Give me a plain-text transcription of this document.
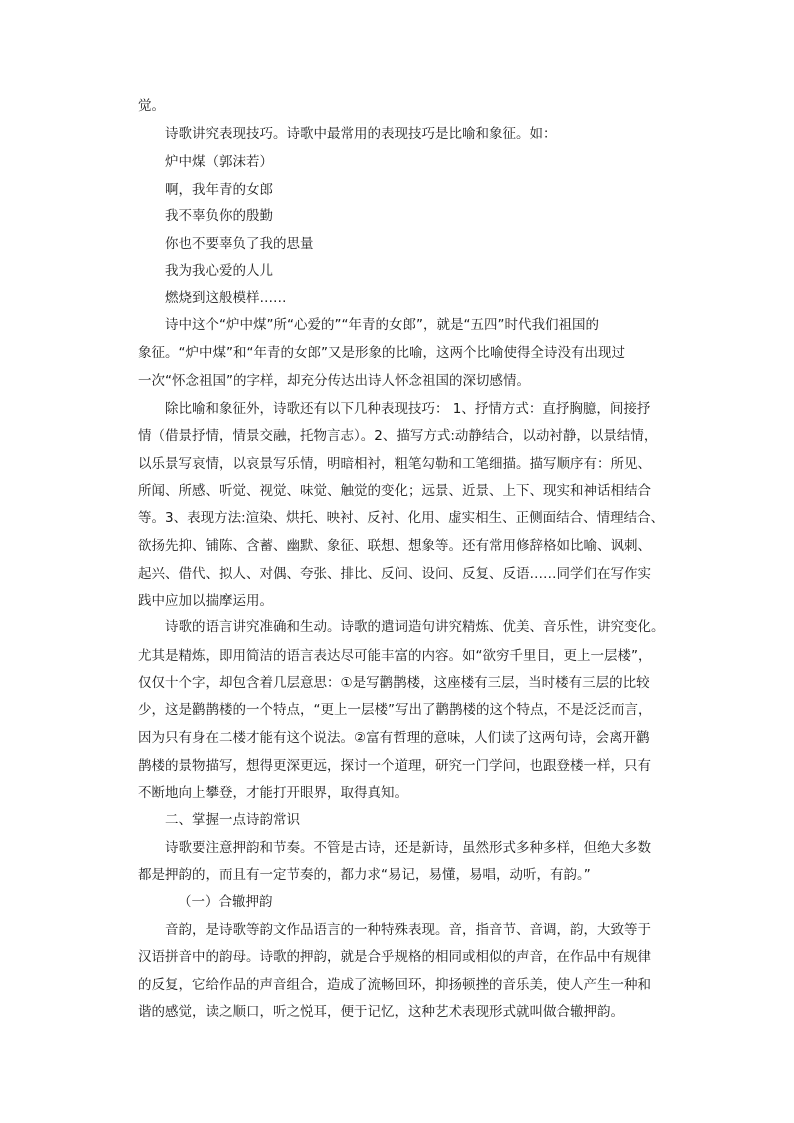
觉。
诗歌讲究表现技巧。诗歌中最常用的表现技巧是比喻和象征。如：
炉中煤（郭沫若）
啊，我年青的女郎
我不辜负你的殷勤
你也不要辜负了我的思量
我为我心爱的人儿
燃烧到这般模样……
诗中这个“炉中煤”所“心爱的”“年青的女郎”，就是“五四”时代我们祖国的
象征。“炉中煤”和“年青的女郎”又是形象的比喻，这两个比喻使得全诗没有出现过
一次“怀念祖国”的字样，却充分传达出诗人怀念祖国的深切感情。
除比喻和象征外，诗歌还有以下几种表现技巧： 1、抒情方式：直抒胸臆，间接抒
情（借景抒情，情景交融，托物言志）。2、描写方式:动静结合，以动衬静，以景结情，
以乐景写哀情，以哀景写乐情，明暗相衬，粗笔勾勒和工笔细描。描写顺序有：所见、
所闻、所感、听觉、视觉、味觉、触觉的变化；远景、近景、上下、现实和神话相结合
等。3、表现方法:渲染、烘托、映衬、反衬、化用、虚实相生、正侧面结合、情理结合、
欲扬先抑、铺陈、含蓄、幽默、象征、联想、想象等。还有常用修辞格如比喻、讽刺、
起兴、借代、拟人、对偶、夸张、排比、反问、设问、反复、反语……同学们在写作实
践中应加以揣摩运用。
诗歌的语言讲究准确和生动。诗歌的遣词造句讲究精炼、优美、音乐性，讲究变化。
尤其是精炼，即用简洁的语言表达尽可能丰富的内容。如“欲穷千里目，更上一层楼”，
仅仅十个字，却包含着几层意思：①是写鹳鹊楼，这座楼有三层，当时楼有三层的比较
少，这是鹳鹊楼的一个特点，“更上一层楼”写出了鹳鹊楼的这个特点，不是泛泛而言，
因为只有身在二楼才能有这个说法。②富有哲理的意味，人们读了这两句诗，会离开鹳
鹊楼的景物描写，想得更深更远，探讨一个道理，研究一门学问，也跟登楼一样，只有
不断地向上攀登，才能打开眼界，取得真知。
二、掌握一点诗韵常识
诗歌要注意押韵和节奏。不管是古诗，还是新诗，虽然形式多种多样，但绝大多数
都是押韵的，而且有一定节奏的，都力求“易记，易懂，易唱，动听，有韵。”
（一）合辙押韵
音韵，是诗歌等韵文作品语言的一种特殊表现。音，指音节、音调，韵，大致等于
汉语拼音中的韵母。诗歌的押韵，就是合乎规格的相同或相似的声音，在作品中有规律
的反复，它给作品的声音组合，造成了流畅回环，抑扬顿挫的音乐美，使人产生一种和
谐的感觉，读之顺口，听之悦耳，便于记忆，这种艺术表现形式就叫做合辙押韵。
